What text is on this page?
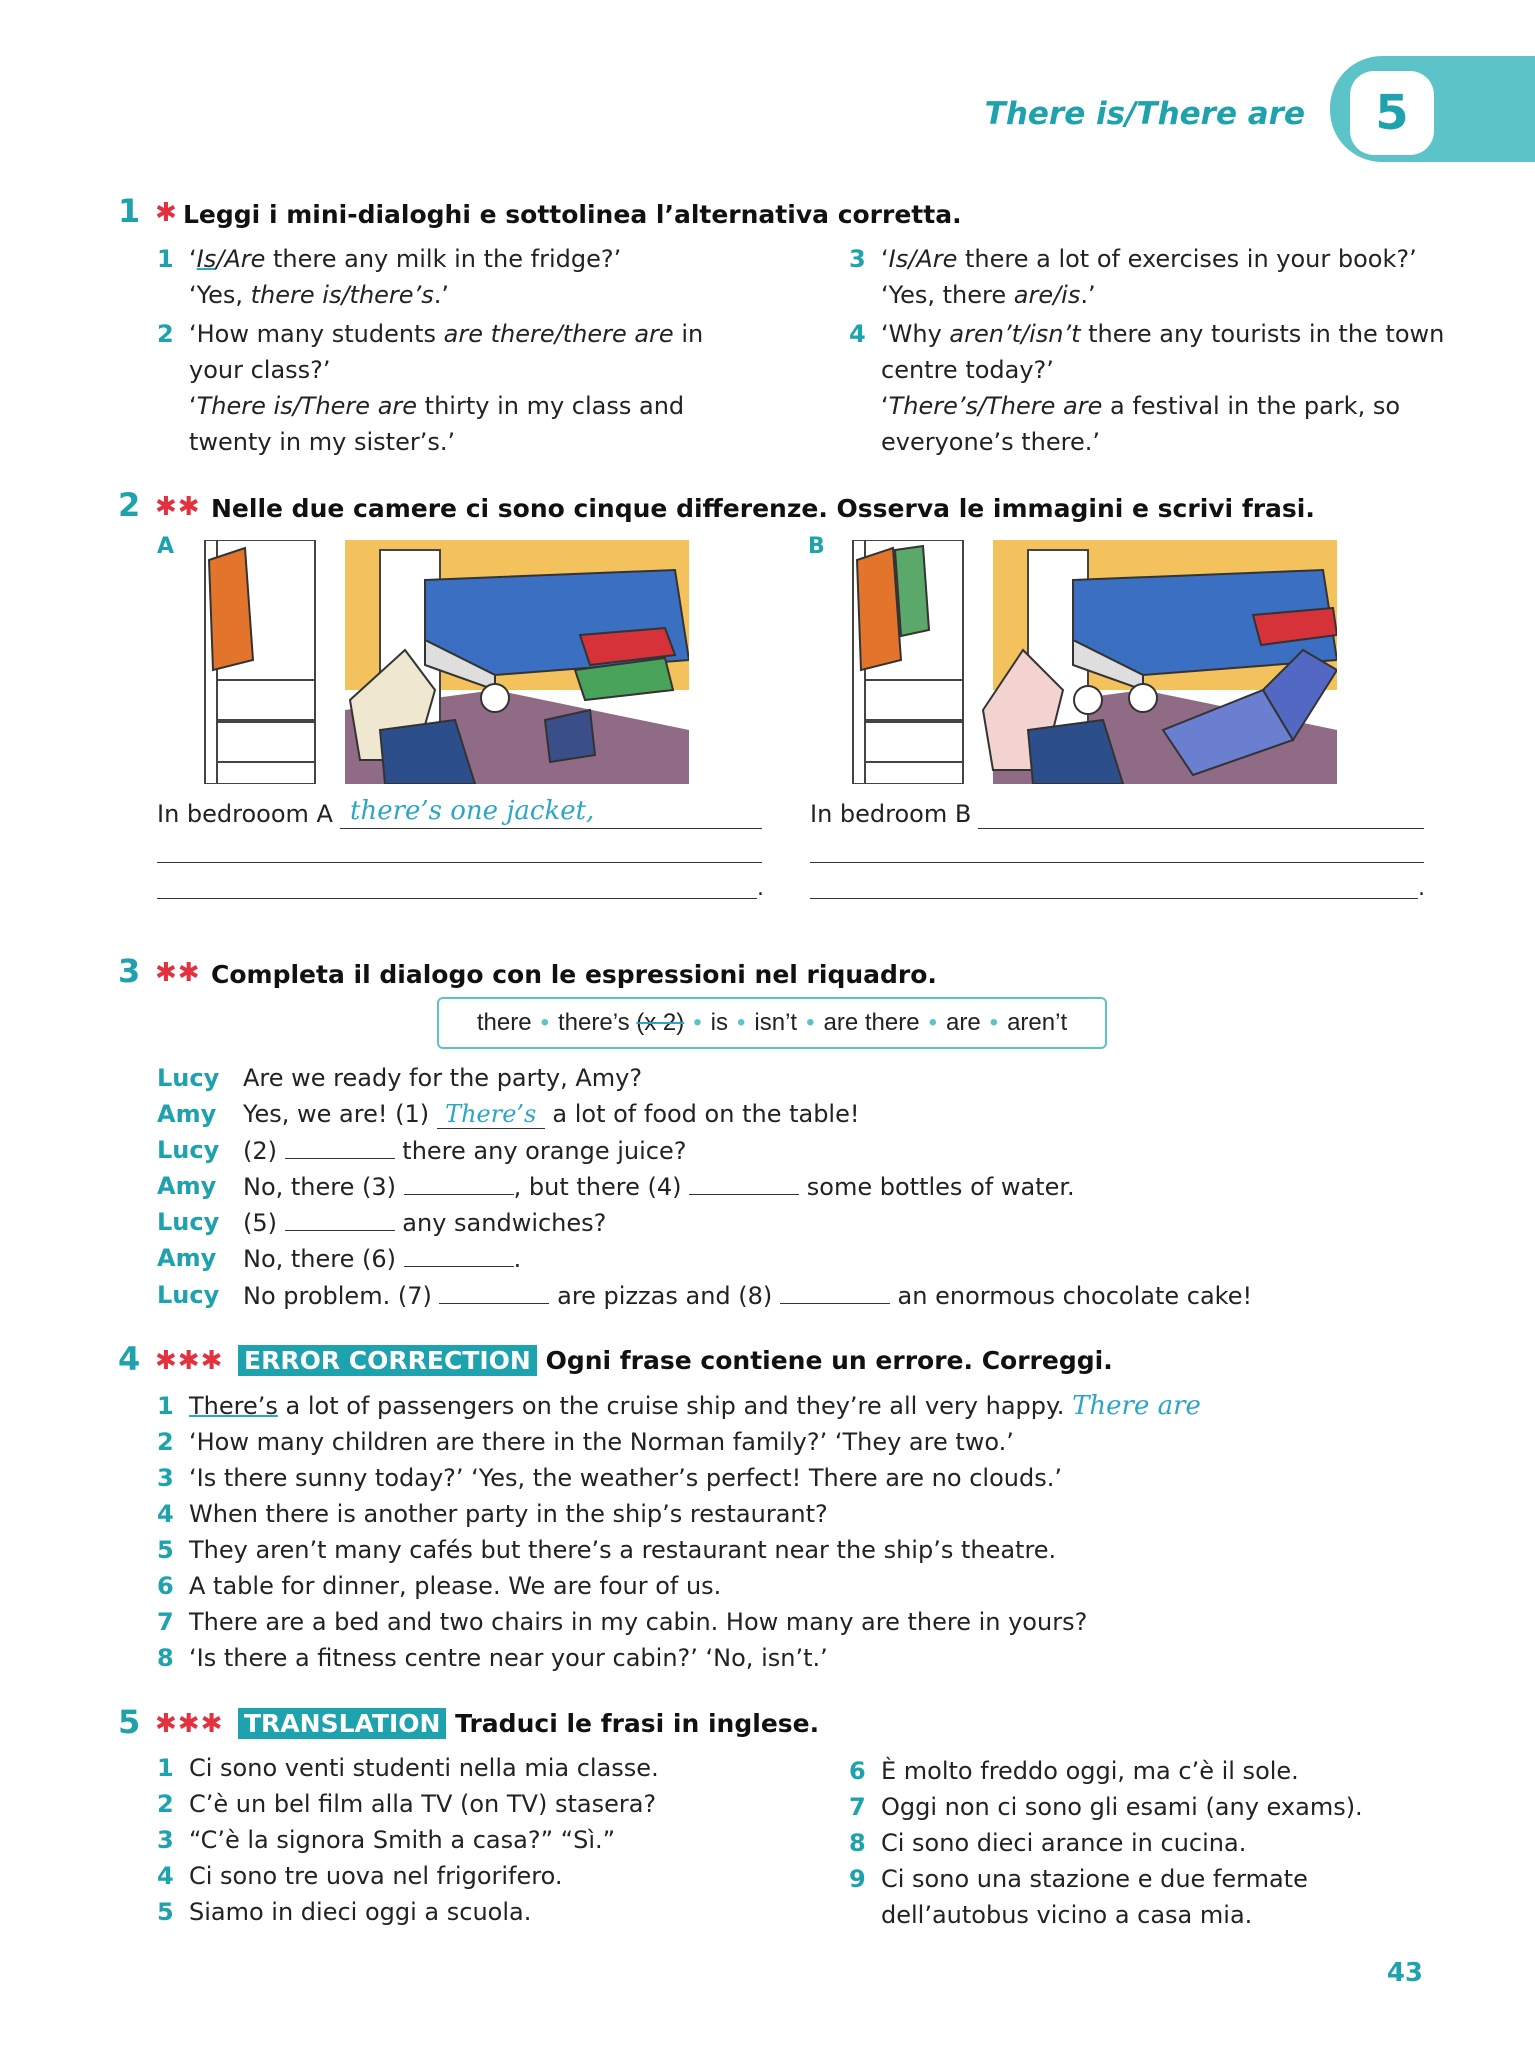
There is/There are	5
1 ✱ Leggi i mini-dialoghi e sottolinea l’alternativa corretta.
1 ‘Is/Are there any milk in the fridge?’
‘Yes, there is/there’s.’
2 ‘How many students are there/there are in
your class?’
‘There is/There are thirty in my class and
twenty in my sister’s.’
3 ‘Is/Are there a lot of exercises in your book?’
‘Yes, there are/is.’
4 ‘Why aren’t/isn’t there any tourists in the town
centre today?’
‘There’s/There are a festival in the park, so
everyone’s there.’
2 ✱✱ Nelle due camere ci sono cinque differenze. Osserva le immagini e scrivi frasi.
A	B
In bedrooom A there’s one jacket,
.
In bedroom B
.
3 ✱✱ Completa il dialogo con le espressioni nel riquadro.
there • there’s
(x 2) • is • isn’t • are there • are • aren’t
Lucy Are we ready for the party, Amy?
Amy Yes, we are! (1) There’s a lot of food on the table!
Lucy (2)	there any orange juice?
Amy No, there (3)	, but there (4)	some bottles of water.
Lucy (5)	any sandwiches?
Amy No, there (6)	.
Lucy No problem. (7)	are pizzas and (8)	an enormous chocolate cake!
4 ✱✱✱ ERROR CORRECTION Ogni frase contiene un errore. Correggi.
1 There’s a lot of passengers on the cruise ship and they’re all very happy. There are
2 ‘How many children are there in the Norman family?’ ‘They are two.’
3 ‘Is there sunny today?’ ‘Yes, the weather’s perfect! There are no clouds.’
4 When there is another party in the ship’s restaurant?
5 They aren’t many cafés but there’s a restaurant near the ship’s theatre.
6 A table for dinner, please. We are four of us.
7 There are a bed and two chairs in my cabin. How many are there in yours?
8 ‘Is there a fitness centre near your cabin?’ ‘No, isn’t.’
5 ✱✱✱ TRANSLATION Traduci le frasi in inglese.
1 Ci sono venti studenti nella mia classe.
2 C’è un bel film alla TV (on TV) stasera?
3 “C’è la signora Smith a casa?” “Sì.”
4 Ci sono tre uova nel frigorifero.
5 Siamo in dieci oggi a scuola.
6 È molto freddo oggi, ma c’è il sole.
7 Oggi non ci sono gli esami (any exams).
8 Ci sono dieci arance in cucina.
9 Ci sono una stazione e due fermate
dell’autobus vicino a casa mia.
43
